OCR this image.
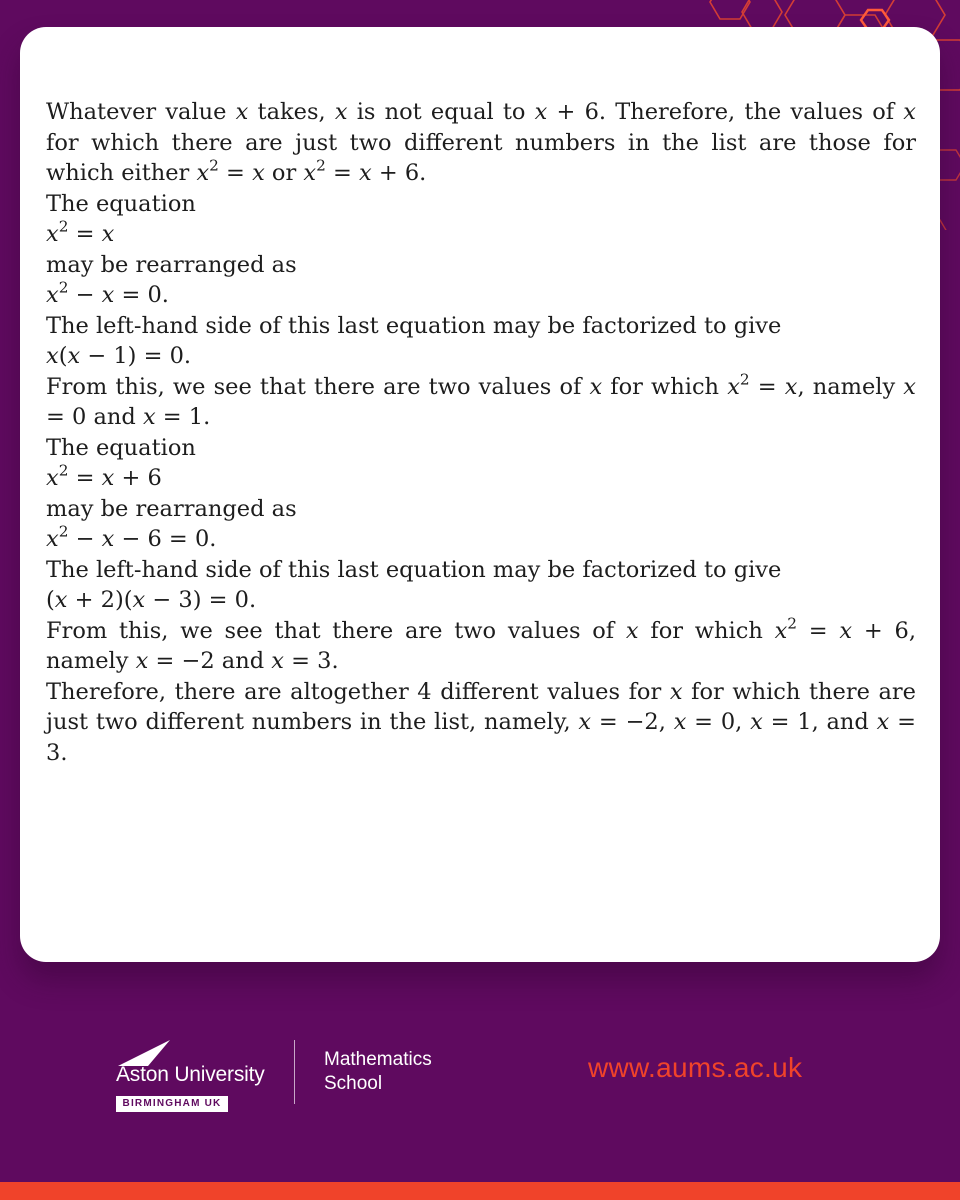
Whatever value x takes, x is not equal to x + 6. Therefore, the values of x for which there are just two different numbers in the list are those for which either $x^2 = x$ or $x^2 = x + 6$.

The equation

$x^2 = x$

may be rearranged as

$x^2 - x = 0$.

The left-hand side of this last equation may be factorized to give

x(x − 1) = 0.

From this, we see that there are two values of x for which $x^2 = x$, namely x = 0 and x = 1.

The equation

$x^2 = x + 6$

may be rearranged as

$x^2 - x - 6 = 0$.

The left-hand side of this last equation may be factorized to give

(x + 2)(x − 3) = 0.

From this, we see that there are two values of x for which $x^2 = x + 6$, namely x = −2 and x = 3.

Therefore, there are altogether 4 different values for x for which there are just two different numbers in the list, namely, x = −2, x = 0, x = 1, and x = 3.

Aston University
BIRMINGHAM UK
Mathematics
School
www.aums.ac.uk
